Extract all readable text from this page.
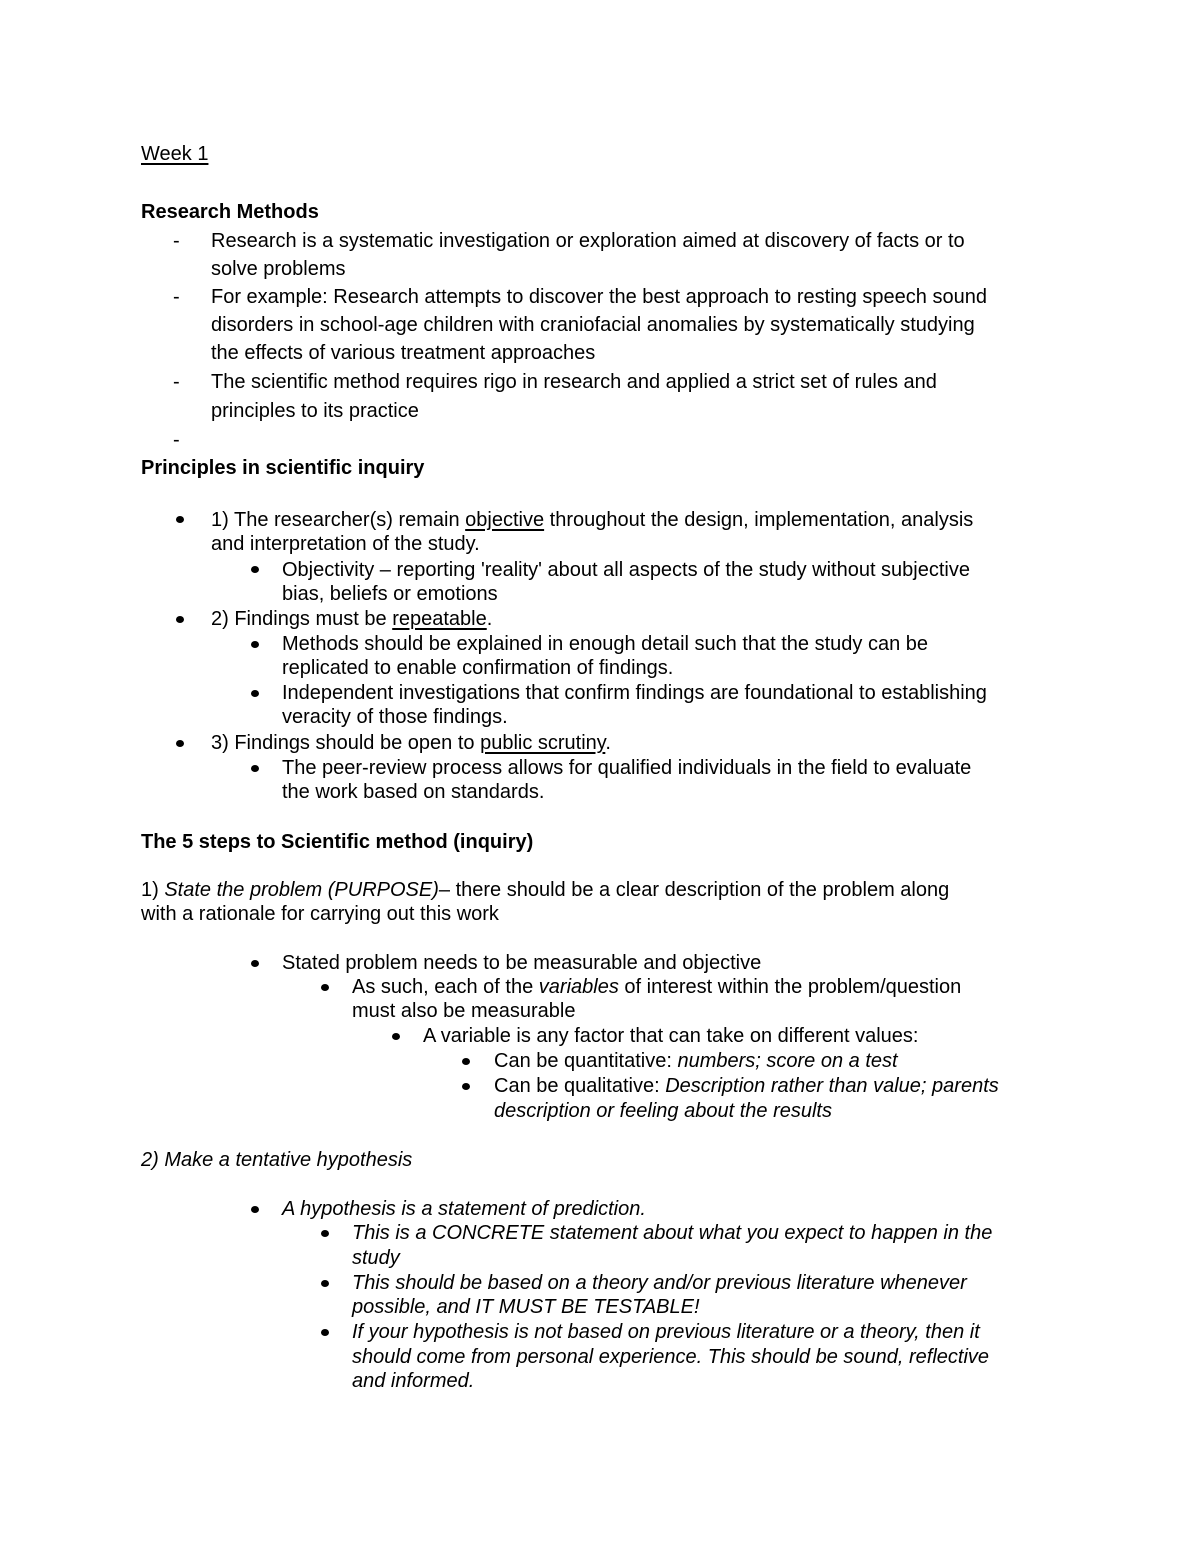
Week 1
Research Methods
- Research is a systematic investigation or exploration aimed at discovery of facts or to
solve problems
- For example: Research attempts to discover the best approach to resting speech sound
disorders in school-age children with craniofacial anomalies by systematically studying
the effects of various treatment approaches
- The scientific method requires rigo in research and applied a strict set of rules and
principles to its practice
-
Principles in scientific inquiry
1) The researcher(s) remain objective throughout the design, implementation, analysis
and interpretation of the study.
Objectivity – reporting 'reality' about all aspects of the study without subjective
bias, beliefs or emotions
2) Findings must be repeatable.
Methods should be explained in enough detail such that the study can be
replicated to enable confirmation of findings.
Independent investigations that confirm findings are foundational to establishing
veracity of those findings.
3) Findings should be open to public scrutiny.
The peer-review process allows for qualified individuals in the field to evaluate
the work based on standards.
The 5 steps to Scientific method (inquiry)
1) State the problem (PURPOSE)– there should be a clear description of the problem along
with a rationale for carrying out this work
Stated problem needs to be measurable and objective
As such, each of the variables of interest within the problem/question
must also be measurable
A variable is any factor that can take on different values:
Can be quantitative: numbers; score on a test
Can be qualitative: Description rather than value; parents
description or feeling about the results
2) Make a tentative hypothesis
A hypothesis is a statement of prediction.
This is a CONCRETE statement about what you expect to happen in the
study
This should be based on a theory and/or previous literature whenever
possible, and IT MUST BE TESTABLE!
If your hypothesis is not based on previous literature or a theory, then it
should come from personal experience. This should be sound, reflective
and informed.
